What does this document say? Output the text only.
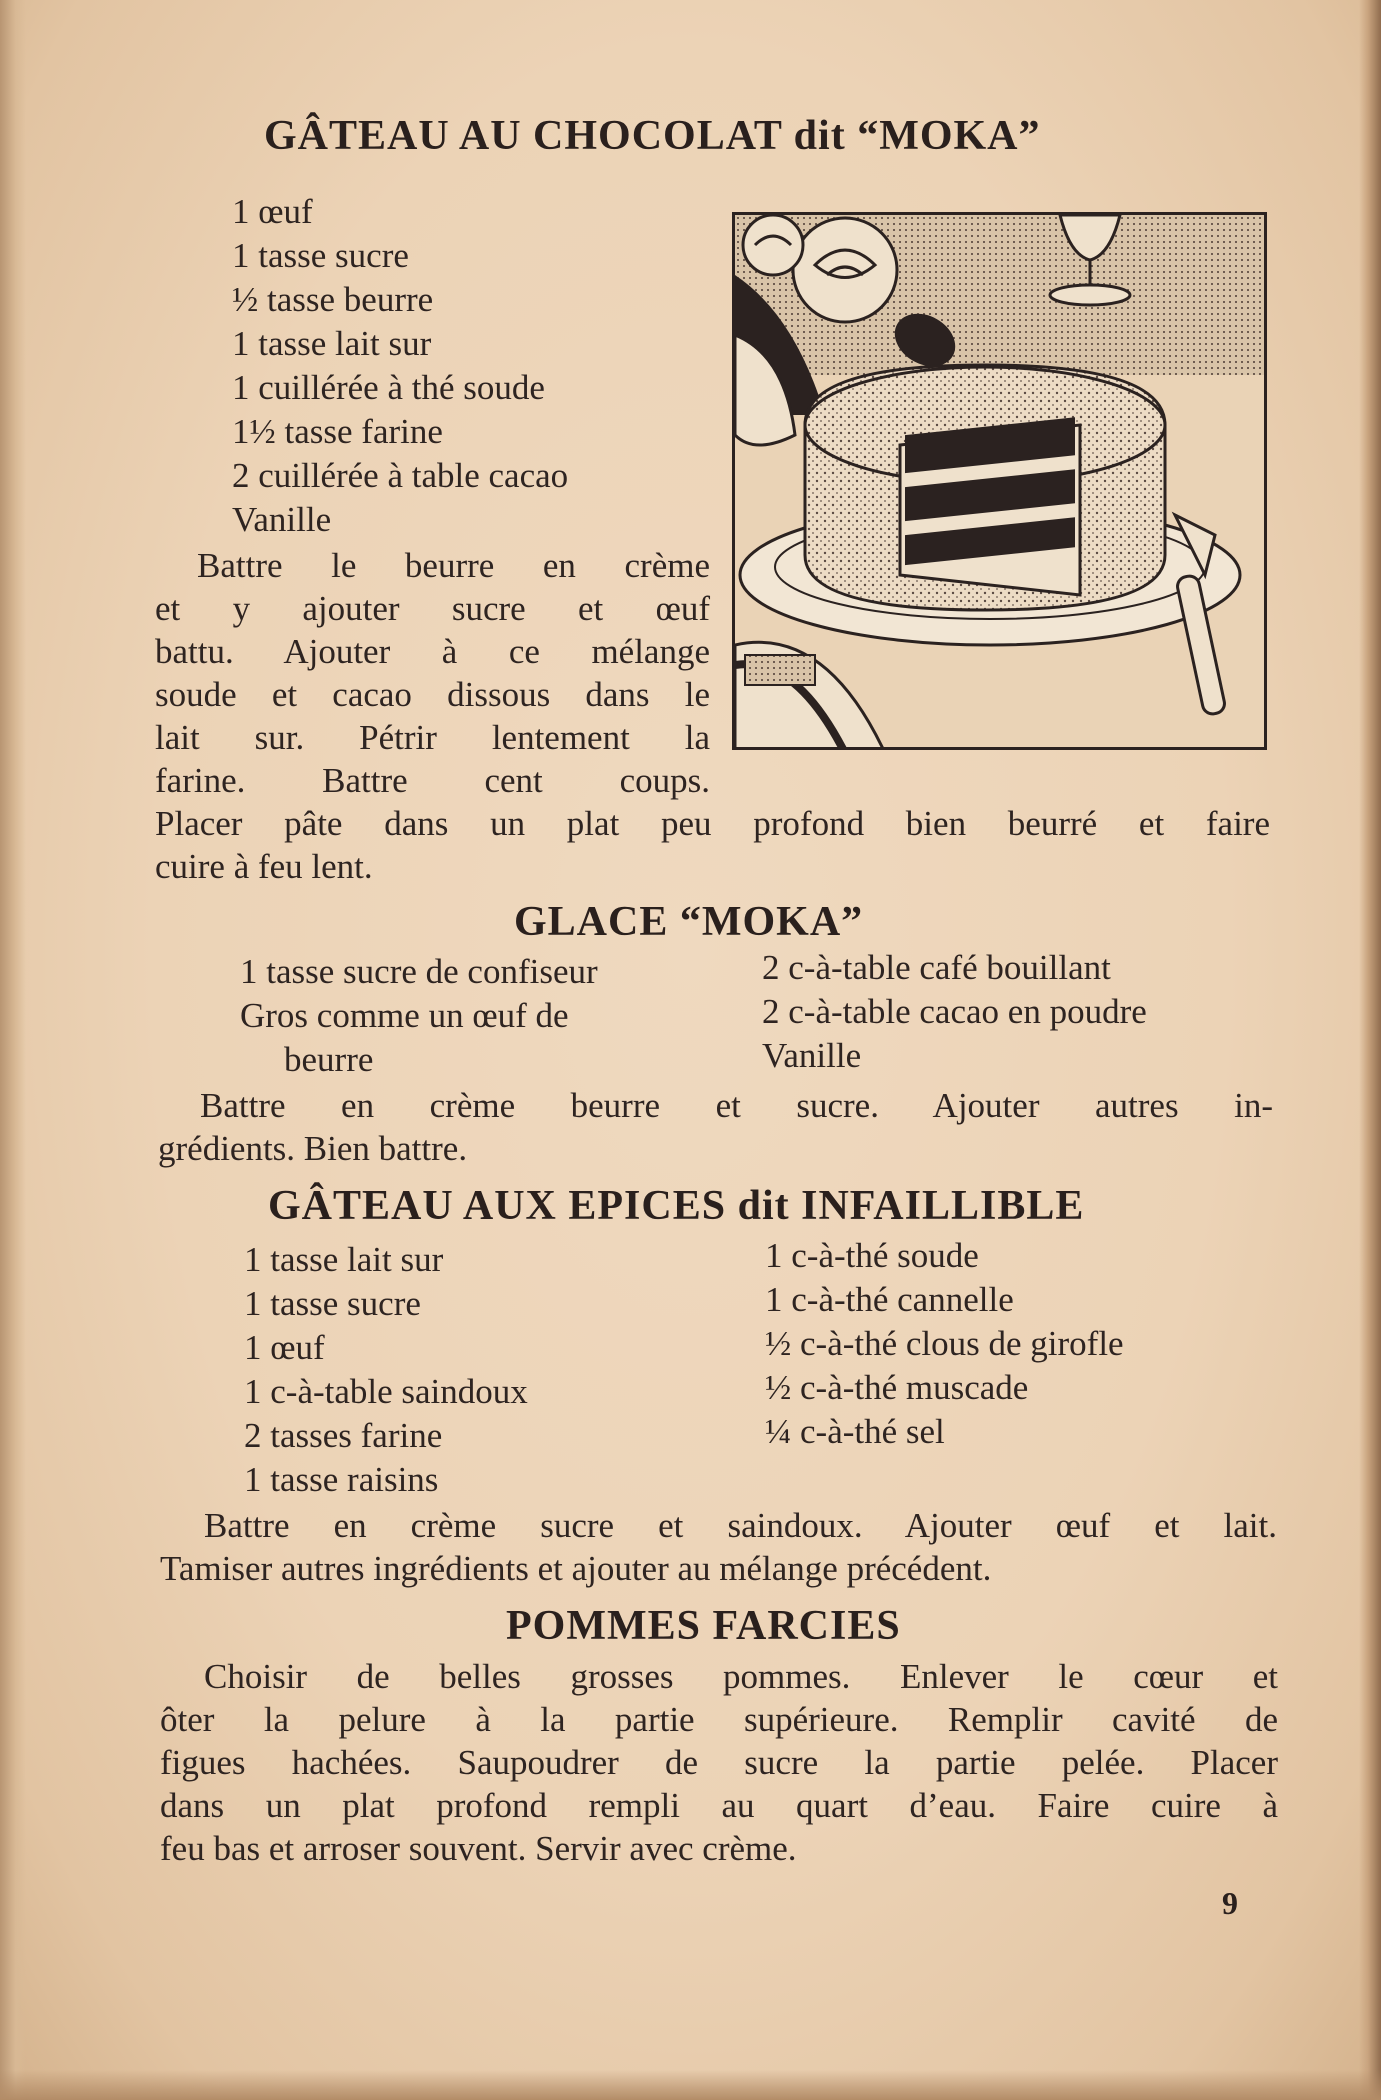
GÂTEAU AU CHOCOLAT dit “MOKA”
1 œuf
1 tasse sucre
½ tasse beurre
1 tasse lait sur
1 cuillérée à thé soude
1½ tasse farine
2 cuillérée à table cacao
Vanille
Battre le beurre en crème
et y ajouter sucre et œuf
battu. Ajouter à ce mélange
soude et cacao dissous dans le
lait sur. Pétrir lentement la
farine. Battre cent coups.
Placer pâte dans un plat peu profond bien beurré et faire
cuire à feu lent.
GLACE “MOKA”
1 tasse sucre de confiseur
Gros comme un œuf de
beurre
2 c-à-table café bouillant
2 c-à-table cacao en poudre
Vanille
Battre en crème beurre et sucre. Ajouter autres in-
grédients. Bien battre.
GÂTEAU AUX EPICES dit INFAILLIBLE
1 tasse lait sur
1 tasse sucre
1 œuf
1 c-à-table saindoux
2 tasses farine
1 tasse raisins
1 c-à-thé soude
1 c-à-thé cannelle
½ c-à-thé clous de girofle
½ c-à-thé muscade
¼ c-à-thé sel
Battre en crème sucre et saindoux. Ajouter œuf et lait.
Tamiser autres ingrédients et ajouter au mélange précédent.
POMMES FARCIES
Choisir de belles grosses pommes. Enlever le cœur et
ôter la pelure à la partie supérieure. Remplir cavité de
figues hachées. Saupoudrer de sucre la partie pelée. Placer
dans un plat profond rempli au quart d’eau. Faire cuire à
feu bas et arroser souvent. Servir avec crème.
9
